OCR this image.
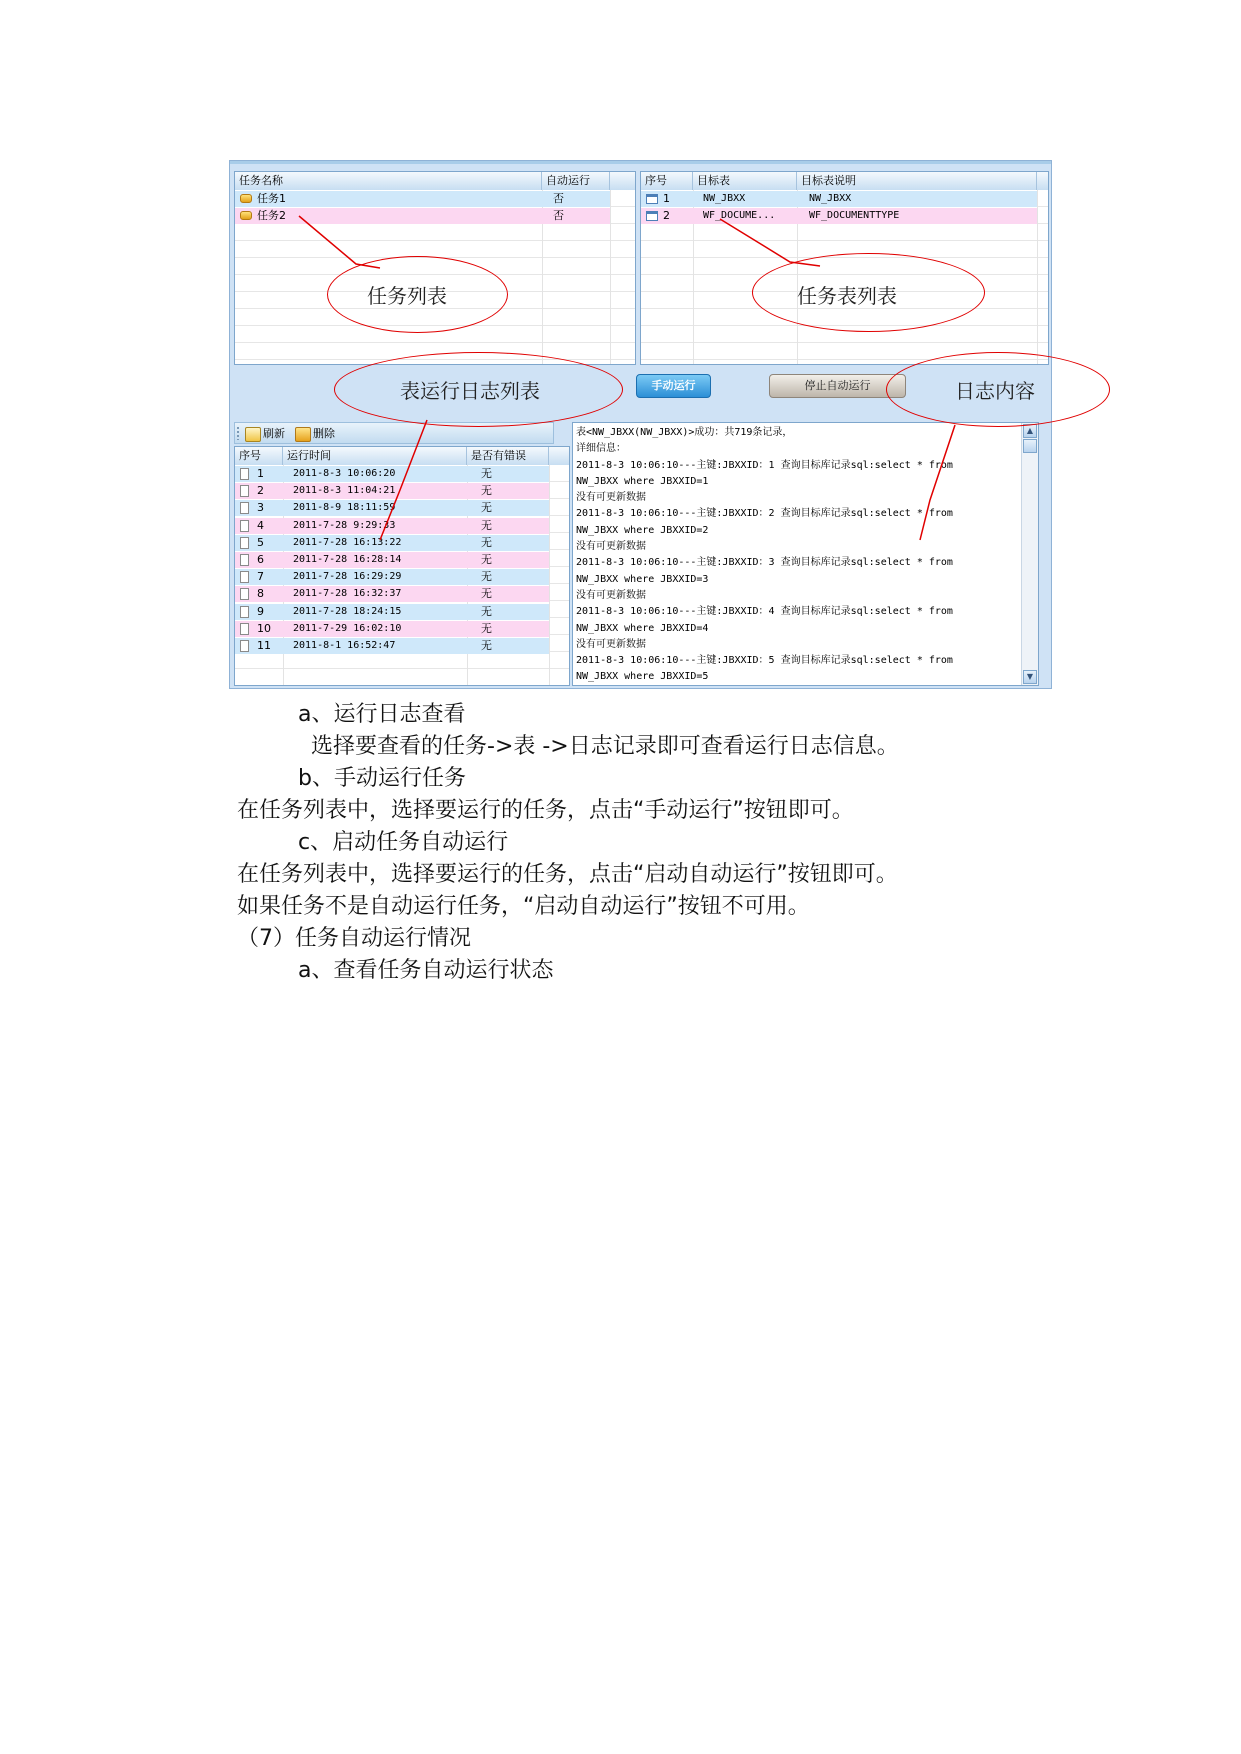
任务名称	自动运行
任务1	否
任务2	否
序号	目标表	目标表说明
1	NW_JBXX	NW_JBXX
2	WF_DOCUME...	WF_DOCUMENTTYPE
手动运行	停止自动运行
刷新	删除
序号	运行时间	是否有错误
1	2011-8-3 10:06:20	无
2	2011-8-3 11:04:21	无
3	2011-8-9 18:11:59	无
4	2011-7-28 9:29:33	无
5	2011-7-28 16:13:22	无
6	2011-7-28 16:28:14	无
7	2011-7-28 16:29:29	无
8	2011-7-28 16:32:37	无
9	2011-7-28 18:24:15	无
10 2011-7-29 16:02:10	无
11 2011-8-1 16:52:47	无
表<NW_JBXX(NW_JBXX)>成功：共719条记录，
详细信息：
2011-8-3 10:06:10---主键:JBXXID：1 查询目标库记录sql:select * from
NW_JBXX where JBXXID=1
没有可更新数据
2011-8-3 10:06:10---主键:JBXXID：2 查询目标库记录sql:select * from
NW_JBXX where JBXXID=2
没有可更新数据
2011-8-3 10:06:10---主键:JBXXID：3 查询目标库记录sql:select * from
NW_JBXX where JBXXID=3
没有可更新数据
2011-8-3 10:06:10---主键:JBXXID：4 查询目标库记录sql:select * from
NW_JBXX where JBXXID=4
没有可更新数据
2011-8-3 10:06:10---主键:JBXXID：5 查询目标库记录sql:select * from
NW_JBXX where JBXXID=5
▲
▼
任务列表	任务表列表
表运行日志列表	日志内容
a、运行日志查看
选择要查看的任务->表 ->日志记录即可查看运行日志信息。
b、手动运行任务
在任务列表中，选择要运行的任务，点击“手动运行”按钮即可。
c、启动任务自动运行
在任务列表中，选择要运行的任务，点击“启动自动运行”按钮即可。
如果任务不是自动运行任务，“启动自动运行”按钮不可用。
（7）任务自动运行情况
a、查看任务自动运行状态
